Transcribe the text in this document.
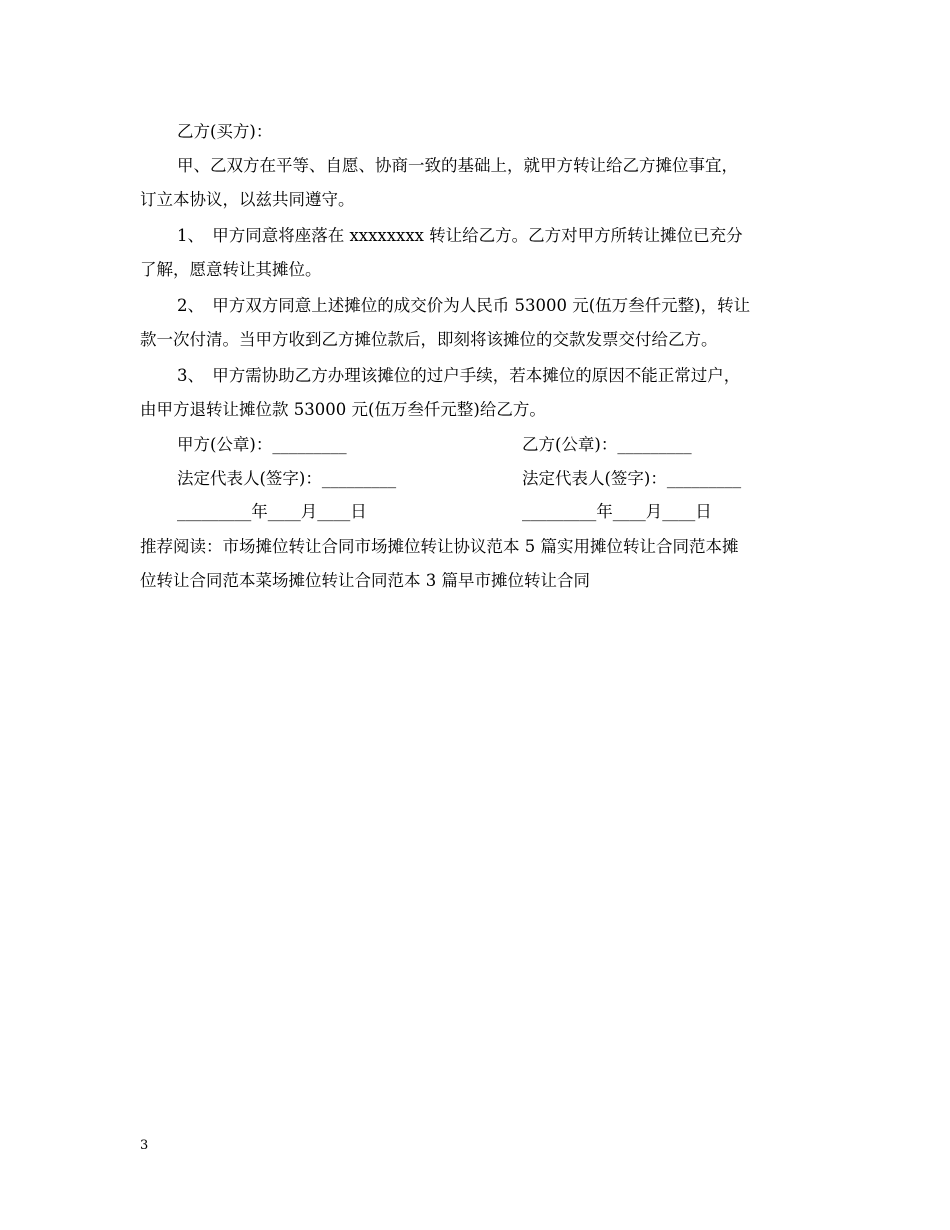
乙方(买方)：
甲、乙双方在平等、自愿、协商一致的基础上，就甲方转让给乙方摊位事宜，
订立本协议，以兹共同遵守。
1、　甲方同意将座落在 xxxxxxxx 转让给乙方。乙方对甲方所转让摊位已充分
了解，愿意转让其摊位。
2、　甲方双方同意上述摊位的成交价为人民币 53000 元(伍万叁仟元整)，转让
款一次付清。当甲方收到乙方摊位款后，即刻将该摊位的交款发票交付给乙方。
3、　甲方需协助乙方办理该摊位的过户手续，若本摊位的原因不能正常过户，
由甲方退转让摊位款 53000 元(伍万叁仟元整)给乙方。
甲方(公章)：_________	乙方(公章)：_________
法定代表人(签字)：_________	法定代表人(签字)：_________
_________年____月____日	_________年____月____日
推荐阅读：市场摊位转让合同市场摊位转让协议范本 5 篇实用摊位转让合同范本摊
位转让合同范本菜场摊位转让合同范本 3 篇早市摊位转让合同
3
